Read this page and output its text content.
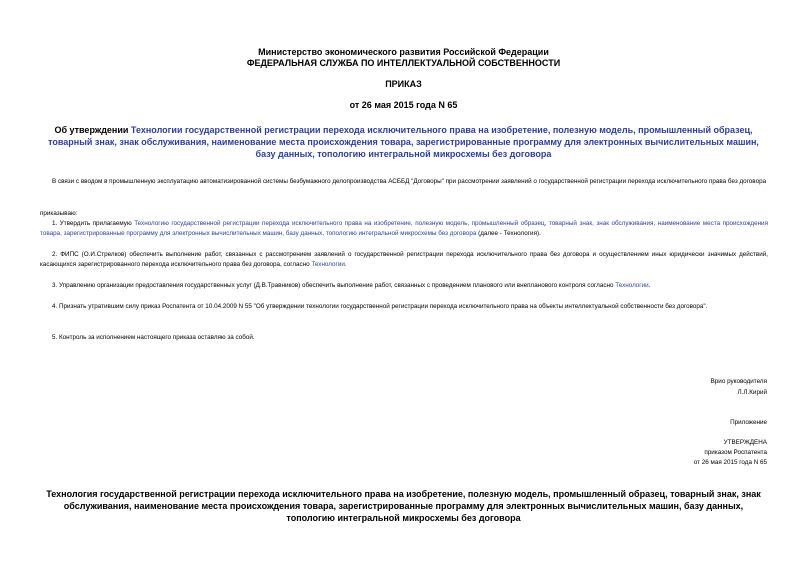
Министерство экономического развития Российской Федерации
ФЕДЕРАЛЬНАЯ СЛУЖБА ПО ИНТЕЛЛЕКТУАЛЬНОЙ СОБСТВЕННОСТИ
ПРИКАЗ
от 26 мая 2015 года N 65
Об утверждении Технологии государственной регистрации перехода исключительного права на изобретение, полезную модель, промышленный образец, товарный знак, знак обслуживания, наименование места происхождения товара, зарегистрированные программу для электронных вычислительных машин, базу данных, топологию интегральной микросхемы без договора
В связи с вводом в промышленную эксплуатацию автоматизированной системы безбумажного делопроизводства АСББД "Договоры" при рассмотрении заявлений о государственной регистрации перехода исключительного права без договора
приказываю:
1. Утвердить прилагаемую Технологию государственной регистрации перехода исключительного права на изобретение, полезную модель, промышленный образец, товарный знак, знак обслуживания, наименование места происхождения товара, зарегистрированные программу для электронных вычислительных машин, базу данных, топологию интегральной микросхемы без договора (далее - Технология).
2. ФИПС (О.И.Стрелков) обеспечить выполнение работ, связанных с рассмотрением заявлений о государственной регистрации перехода исключительного права без договора и осуществлением иных юридически значимых действий, касающихся зарегистрированного перехода исключительного права без договора, согласно Технологии.
3. Управлению организации предоставления государственных услуг (Д.В.Травников) обеспечить выполнение работ, связанных с проведением планового или внепланового контроля согласно Технологии.
4. Признать утратившим силу приказ Роспатента от 10.04.2009 N 55 "Об утверждении технологии государственной регистрации перехода исключительного права на объекты интеллектуальной собственности без договора".
5. Контроль за исполнением настоящего приказа оставляю за собой.
Врио руководителя
Л.Л.Кирий
Приложение
УТВЕРЖДЕНА
приказом Роспатента
от 26 мая 2015 года N 65
Технология государственной регистрации перехода исключительного права на изобретение, полезную модель, промышленный образец, товарный знак, знак обслуживания, наименование места происхождения товара, зарегистрированные программу для электронных вычислительных машин, базу данных, топологию интегральной микросхемы без договора
